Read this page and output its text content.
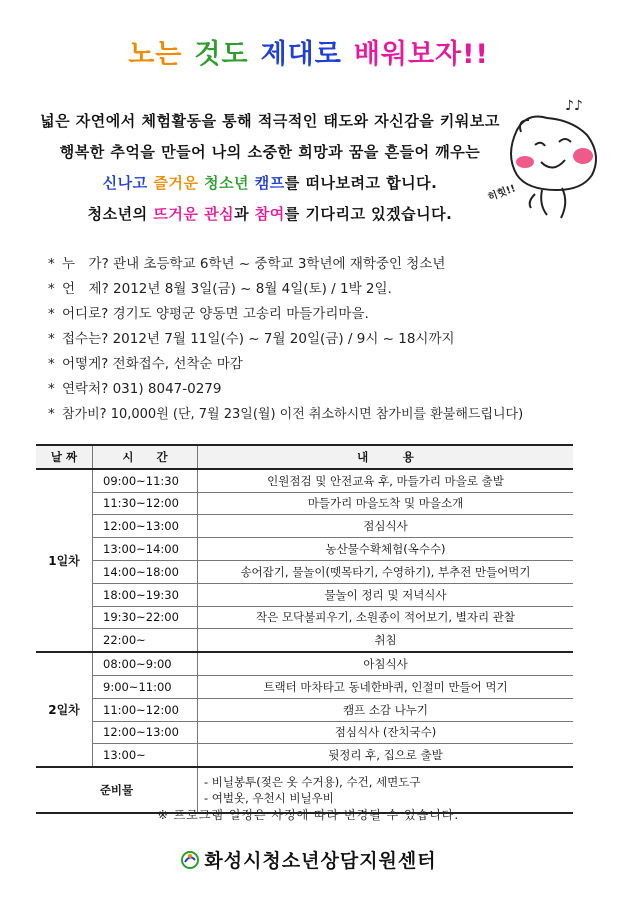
노는 것도 제대로 배워보자!!
넓은 자연에서 체험활동을 통해 적극적인 태도와 자신감을 키워보고
행복한 추억을 만들어 나의 소중한 희망과 꿈을 흔들어 깨우는
신나고 즐거운 청소년 캠프를 떠나보려고 합니다.
청소년의 뜨거운 관심과 참여를 기다리고 있겠습니다.
♪♪
히힛!!
* 누　가? 관내 초등학교 6학년 ~ 중학교 3학년에 재학중인 청소년
* 언　제? 2012년 8월 3일(금) ~ 8월 4일(토) / 1박 2일.
* 어디로? 경기도 양평군 양동면 고송리 마들가리마을.
* 접수는? 2012년 7월 11일(수) ~ 7월 20일(금) / 9시 ~ 18시까지
* 어떻게? 전화접수, 선착순 마감
* 연락처? 031) 8047-0279
* 참가비? 10,000원 (단, 7월 23일(월) 이전 취소하시면 참가비를 환불해드립니다)
날 짜	시　　간	내　　　용
1일차	09:00~11:30	인원점검 및 안전교육 후, 마들가리 마을로 출발
	11:30~12:00	마들가리 마을도착 및 마을소개
	12:00~13:00	점심식사
	13:00~14:00	농산물수확체험(옥수수)
	14:00~18:00	송어잡기, 물놀이(뗏목타기, 수영하기), 부추전 만들어먹기
	18:00~19:30	물놀이 정리 및 저녁식사
	19:30~22:00	작은 모닥불피우기, 소원종이 적어보기, 별자리 관찰
	22:00~	취침
2일차	08:00~9:00	아침식사
	9:00~11:00	트랙터 마차타고 동네한바퀴, 인절미 만들어 먹기
	11:00~12:00	캠프 소감 나누기
	12:00~13:00	점심식사 (잔치국수)
	13:00~	뒷정리 후, 집으로 출발
준비물		- 비닐봉투(젖은 옷 수거용), 수건, 세면도구
- 여벌옷, 우천시 비닐우비
※ 프로그램 일정은 사정에 따라 변경될 수 있습니다.
화성시청소년상담지원센터
